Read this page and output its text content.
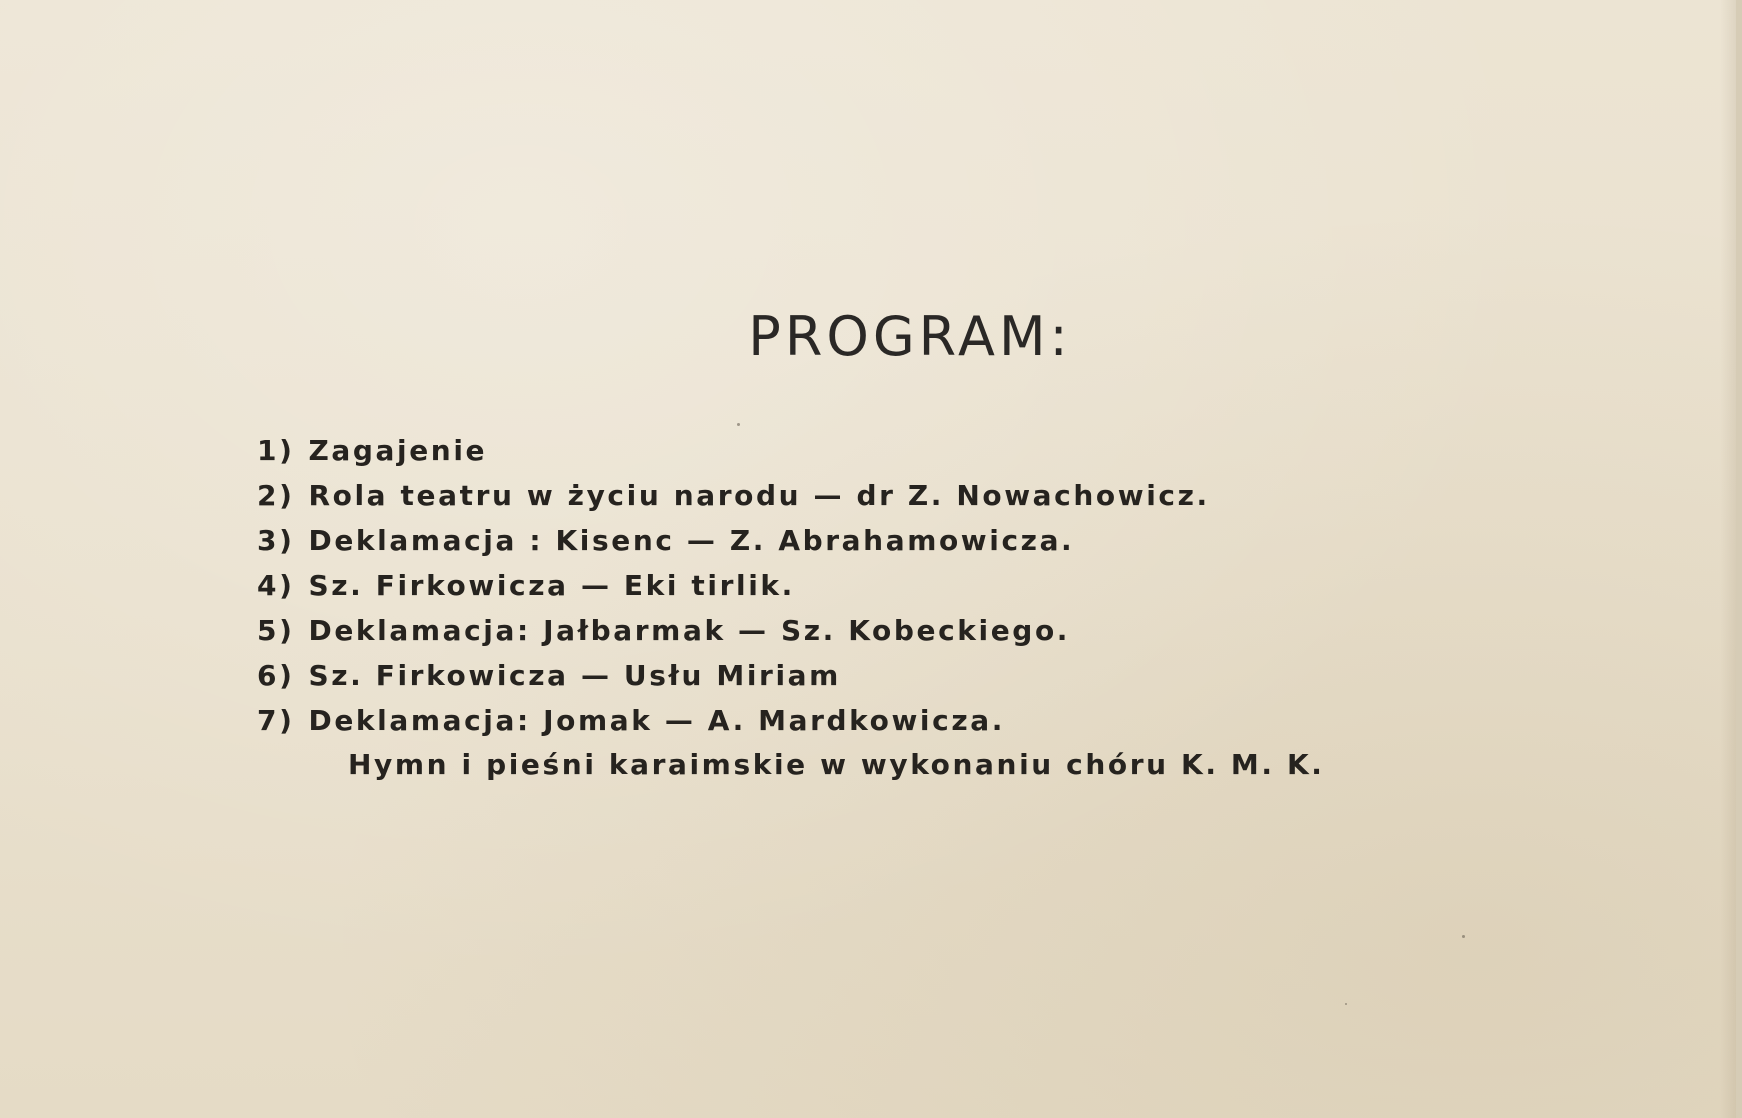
PROGRAM:
1) Zagajenie
2) Rola teatru w życiu narodu — dr Z. Nowachowicz.
3) Deklamacja : Kisenc — Z. Abrahamowicza.
4) Sz. Firkowicza — Eki tirlik.
5) Deklamacja: Jałbarmak — Sz. Kobeckiego.
6) Sz. Firkowicza — Usłu Miriam
7) Deklamacja: Jomak — A. Mardkowicza.
Hymn i pieśni karaimskie w wykonaniu chóru K. M. K.
